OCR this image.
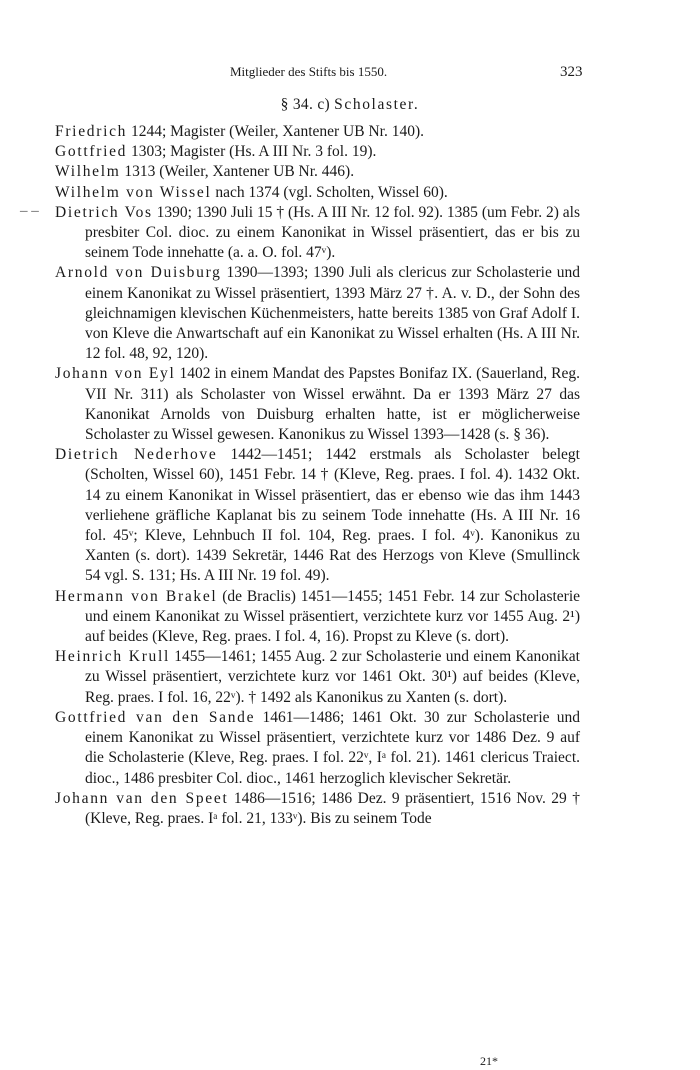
Mitglieder des Stifts bis 1550.	323
§ 34. c) Scholaster.
– –

Friedrich 1244; Magister (Weiler, Xantener UB Nr. 140).

Gottfried 1303; Magister (Hs. A III Nr. 3 fol. 19).

Wilhelm 1313 (Weiler, Xantener UB Nr. 446).

Wilhelm von Wissel nach 1374 (vgl. Scholten, Wissel 60).

Dietrich Vos 1390; 1390 Juli 15 † (Hs. A III Nr. 12 fol. 92). 1385 (um Febr. 2) als presbiter Col. dioc. zu einem Kanonikat in Wissel präsentiert, das er bis zu seinem Tode innehatte (a. a. O. fol. 47ᵛ).

Arnold von Duisburg 1390—1393; 1390 Juli als clericus zur Scholasterie und einem Kanonikat zu Wissel präsentiert, 1393 März 27 †. A. v. D., der Sohn des gleichnamigen klevischen Küchenmeisters, hatte bereits 1385 von Graf Adolf I. von Kleve die Anwartschaft auf ein Kanonikat zu Wissel erhalten (Hs. A III Nr. 12 fol. 48, 92, 120).

Johann von Eyl 1402 in einem Mandat des Papstes Bonifaz IX. (Sauerland, Reg. VII Nr. 311) als Scholaster von Wissel erwähnt. Da er 1393 März 27 das Kanonikat Arnolds von Duisburg erhalten hatte, ist er möglicherweise Scholaster zu Wissel gewesen. Kanonikus zu Wissel 1393—1428 (s. § 36).

Dietrich Nederhove 1442—1451; 1442 erstmals als Scholaster belegt (Scholten, Wissel 60), 1451 Febr. 14 † (Kleve, Reg. praes. I fol. 4). 1432 Okt. 14 zu einem Kanonikat in Wissel präsentiert, das er ebenso wie das ihm 1443 verliehene gräfliche Kaplanat bis zu seinem Tode innehatte (Hs. A III Nr. 16 fol. 45ᵛ; Kleve, Lehnbuch II fol. 104, Reg. praes. I fol. 4ᵛ). Kanonikus zu Xanten (s. dort). 1439 Sekretär, 1446 Rat des Herzogs von Kleve (Smullinck 54 vgl. S. 131; Hs. A III Nr. 19 fol. 49).

Hermann von Brakel (de Braclis) 1451—1455; 1451 Febr. 14 zur Scholasterie und einem Kanonikat zu Wissel präsentiert, verzichtete kurz vor 1455 Aug. 2¹) auf beides (Kleve, Reg. praes. I fol. 4, 16). Propst zu Kleve (s. dort).

Heinrich Krull 1455—1461; 1455 Aug. 2 zur Scholasterie und einem Kanonikat zu Wissel präsentiert, verzichtete kurz vor 1461 Okt. 30¹) auf beides (Kleve, Reg. praes. I fol. 16, 22ᵛ). † 1492 als Kanonikus zu Xanten (s. dort).

Gottfried van den Sande 1461—1486; 1461 Okt. 30 zur Scholasterie und einem Kanonikat zu Wissel präsentiert, verzichtete kurz vor 1486 Dez. 9 auf die Scholasterie (Kleve, Reg. praes. I fol. 22ᵛ, Iᵃ fol. 21). 1461 clericus Traiect. dioc., 1486 presbiter Col. dioc., 1461 herzoglich klevischer Sekretär.

Johann van den Speet 1486—1516; 1486 Dez. 9 präsentiert, 1516 Nov. 29 † (Kleve, Reg. praes. Iᵃ fol. 21, 133ᵛ). Bis zu seinem Tode

21*
